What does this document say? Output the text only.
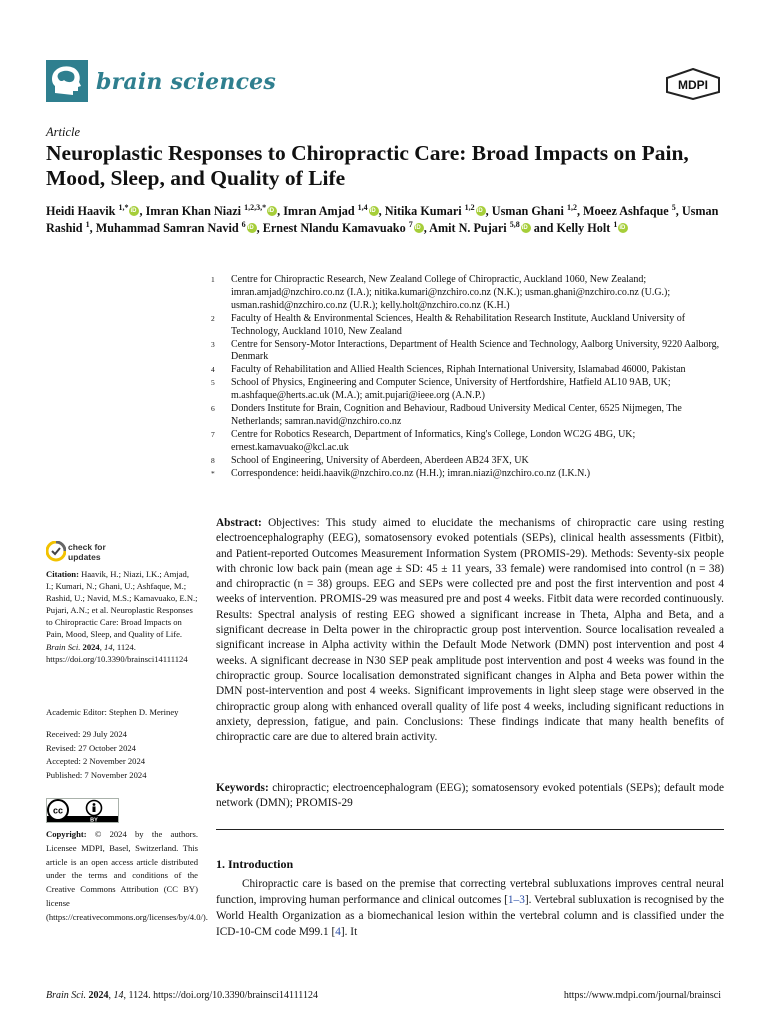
brain sciences	MDPI
Article
Neuroplastic Responses to Chiropractic Care: Broad Impacts on Pain, Mood, Sleep, and Quality of Life
Heidi Haavik $^{1,*}$ iD , Imran Khan Niazi $^{1,2,3,*}$ iD , Imran Amjad $^{1,4}$ iD , Nitika Kumari $^{1,2}$ iD , Usman Ghani $^{1,2}$, Moeez Ashfaque $^5$, Usman Rashid $^1$, Muhammad Samran Navid $^6$ iD , Ernest Nlandu Kamavuako $^7$ iD , Amit N. Pujari $^{5,8}$iD and Kelly Holt $^1$iD
1	Centre for Chiropractic Research, New Zealand College of Chiropractic, Auckland 1060, New Zealand; imran.amjad@nzchiro.co.nz (I.A.); nitika.kumari@nzchiro.co.nz (N.K.); usman.ghani@nzchiro.co.nz (U.G.); usman.rashid@nzchiro.co.nz (U.R.); kelly.holt@nzchiro.co.nz (K.H.)
2	Faculty of Health & Environmental Sciences, Health & Rehabilitation Research Institute, Auckland University of Technology, Auckland 1010, New Zealand
3	Centre for Sensory-Motor Interactions, Department of Health Science and Technology, Aalborg University, 9220 Aalborg, Denmark
4	Faculty of Rehabilitation and Allied Health Sciences, Riphah International University, Islamabad 46000, Pakistan
5	School of Physics, Engineering and Computer Science, University of Hertfordshire, Hatfield AL10 9AB, UK; m.ashfaque@herts.ac.uk (M.A.); amit.pujari@ieee.org (A.N.P.)
6	Donders Institute for Brain, Cognition and Behaviour, Radboud University Medical Center, 6525 Nijmegen, The Netherlands; samran.navid@nzchiro.co.nz
7	Centre for Robotics Research, Department of Informatics, King's College, London WC2G 4BG, UK; ernest.kamavuako@kcl.ac.uk
8	School of Engineering, University of Aberdeen, Aberdeen AB24 3FX, UK
*	Correspondence: heidi.haavik@nzchiro.co.nz (H.H.); imran.niazi@nzchiro.co.nz (I.K.N.)
check for
updates
Citation: Haavik, H.; Niazi, I.K.; Amjad, I.; Kumari, N.; Ghani, U.; Ashfaque, M.; Rashid, U.; Navid, M.S.; Kamavuako, E.N.; Pujari, A.N.; et al. Neuroplastic Responses to Chiropractic Care: Broad Impacts on Pain, Mood, Sleep, and Quality of Life. Brain Sci. 2024, 14, 1124. https://doi.org/10.3390/brainsci14111124
Academic Editor: Stephen D. Meriney
Received: 29 July 2024
Revised: 27 October 2024
Accepted: 2 November 2024
Published: 7 November 2024
cc
BY
Copyright: © 2024 by the authors. Licensee MDPI, Basel, Switzerland. This article is an open access article distributed under the terms and conditions of the Creative Commons Attribution (CC BY) license (https://creativecommons.org/licenses/by/4.0/).
Abstract: Objectives: This study aimed to elucidate the mechanisms of chiropractic care using resting electroencephalography (EEG), somatosensory evoked potentials (SEPs), clinical health assessments (Fitbit), and Patient-reported Outcomes Measurement Information System (PROMIS-29). Methods: Seventy-six people with chronic low back pain (mean age ± SD: 45 ± 11 years, 33 female) were randomised into control (n = 38) and chiropractic (n = 38) groups. EEG and SEPs were collected pre and post the first intervention and post 4 weeks of intervention. PROMIS-29 was measured pre and post 4 weeks. Fitbit data were recorded continuously. Results: Spectral analysis of resting EEG showed a significant increase in Theta, Alpha and Beta, and a significant decrease in Delta power in the chiropractic group post intervention. Source localisation revealed a significant increase in Alpha activity within the Default Mode Network (DMN) post intervention and post 4 weeks. A significant decrease in N30 SEP peak amplitude post intervention and post 4 weeks was found in the chiropractic group. Source localisation demonstrated significant changes in Alpha and Beta power within the DMN post-intervention and post 4 weeks. Significant improvements in light sleep stage were observed in the chiropractic group along with enhanced overall quality of life post 4 weeks, including significant reductions in anxiety, depression, fatigue, and pain. Conclusions: These findings indicate that many health benefits of chiropractic care are due to altered brain activity.
Keywords: chiropractic; electroencephalogram (EEG); somatosensory evoked potentials (SEPs); default mode network (DMN); PROMIS-29
1. Introduction

Chiropractic care is based on the premise that correcting vertebral subluxations improves central neural function, improving human performance and clinical outcomes [1–3]. Vertebral subluxation is recognised by the World Health Organization as a biomechanical lesion within the vertebral column and is classified under the ICD-10-CM code M99.1 [4]. It

Brain Sci. 2024, 14, 1124. https://doi.org/10.3390/brainsci14111124	https://www.mdpi.com/journal/brainsci
